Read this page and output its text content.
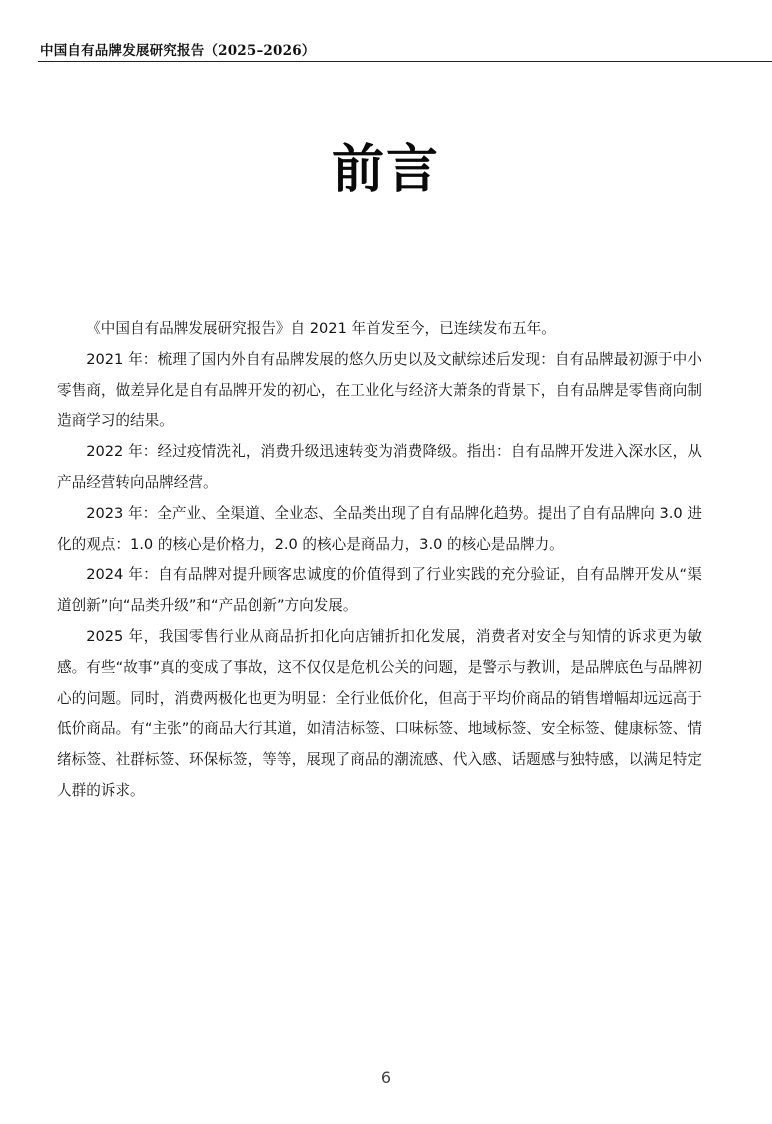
中国自有品牌发展研究报告（2025–2026）
前言

《中国自有品牌发展研究报告》自 2021 年首发至今，已连续发布五年。

2021 年：梳理了国内外自有品牌发展的悠久历史以及文献综述后发现：自有品牌最初源于中小零售商，做差异化是自有品牌开发的初心，在工业化与经济大萧条的背景下，自有品牌是零售商向制造商学习的结果。

2022 年：经过疫情洗礼，消费升级迅速转变为消费降级。指出：自有品牌开发进入深水区，从产品经营转向品牌经营。

2023 年：全产业、全渠道、全业态、全品类出现了自有品牌化趋势。提出了自有品牌向 3.0 进化的观点：1.0 的核心是价格力，2.0 的核心是商品力，3.0 的核心是品牌力。

2024 年：自有品牌对提升顾客忠诚度的价值得到了行业实践的充分验证，自有品牌开发从“渠道创新”向“品类升级”和“产品创新”方向发展。

2025 年，我国零售行业从商品折扣化向店铺折扣化发展，消费者对安全与知情的诉求更为敏感。有些“故事”真的变成了事故，这不仅仅是危机公关的问题，是警示与教训，是品牌底色与品牌初心的问题。同时，消费两极化也更为明显：全行业低价化，但高于平均价商品的销售增幅却远远高于低价商品。有“主张”的商品大行其道，如清洁标签、口味标签、地域标签、安全标签、健康标签、情绪标签、社群标签、环保标签，等等，展现了商品的潮流感、代入感、话题感与独特感，以满足特定人群的诉求。

6
